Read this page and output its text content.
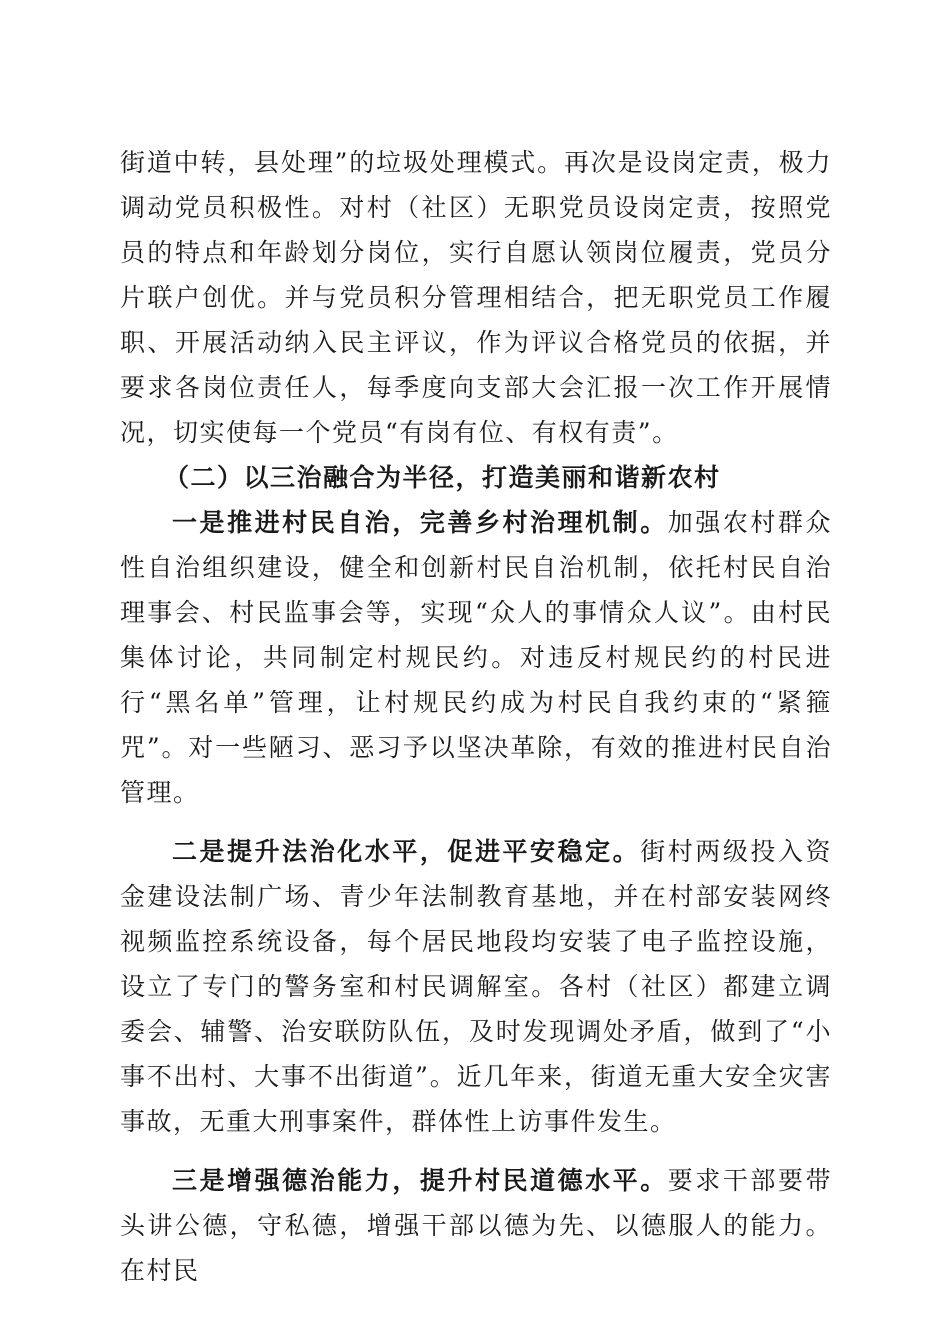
街道中转，县处理”的垃圾处理模式。再次是设岗定责，极力调动党员积极性。对村（社区）无职党员设岗定责，按照党员的特点和年龄划分岗位，实行自愿认领岗位履责，党员分片联户创优。并与党员积分管理相结合，把无职党员工作履职、开展活动纳入民主评议，作为评议合格党员的依据，并要求各岗位责任人，每季度向支部大会汇报一次工作开展情况，切实使每一个党员“有岗有位、有权有责”。

（二）以三治融合为半径，打造美丽和谐新农村

一是推进村民自治，完善乡村治理机制。加强农村群众性自治组织建设，健全和创新村民自治机制，依托村民自治理事会、村民监事会等，实现“众人的事情众人议”。由村民集体讨论，共同制定村规民约。对违反村规民约的村民进行“黑名单”管理，让村规民约成为村民自我约束的“紧箍咒”。对一些陋习、恶习予以坚决革除，有效的推进村民自治管理。

二是提升法治化水平，促进平安稳定。街村两级投入资金建设法制广场、青少年法制教育基地，并在村部安装网终视频监控系统设备，每个居民地段均安装了电子监控设施，设立了专门的警务室和村民调解室。各村（社区）都建立调委会、辅警、治安联防队伍，及时发现调处矛盾，做到了“小事不出村、大事不出街道”。近几年来，街道无重大安全灾害事故，无重大刑事案件，群体性上访事件发生。

三是增强德治能力，提升村民道德水平。要求干部要带头讲公德，守私德，增强干部以德为先、以德服人的能力。在村民
